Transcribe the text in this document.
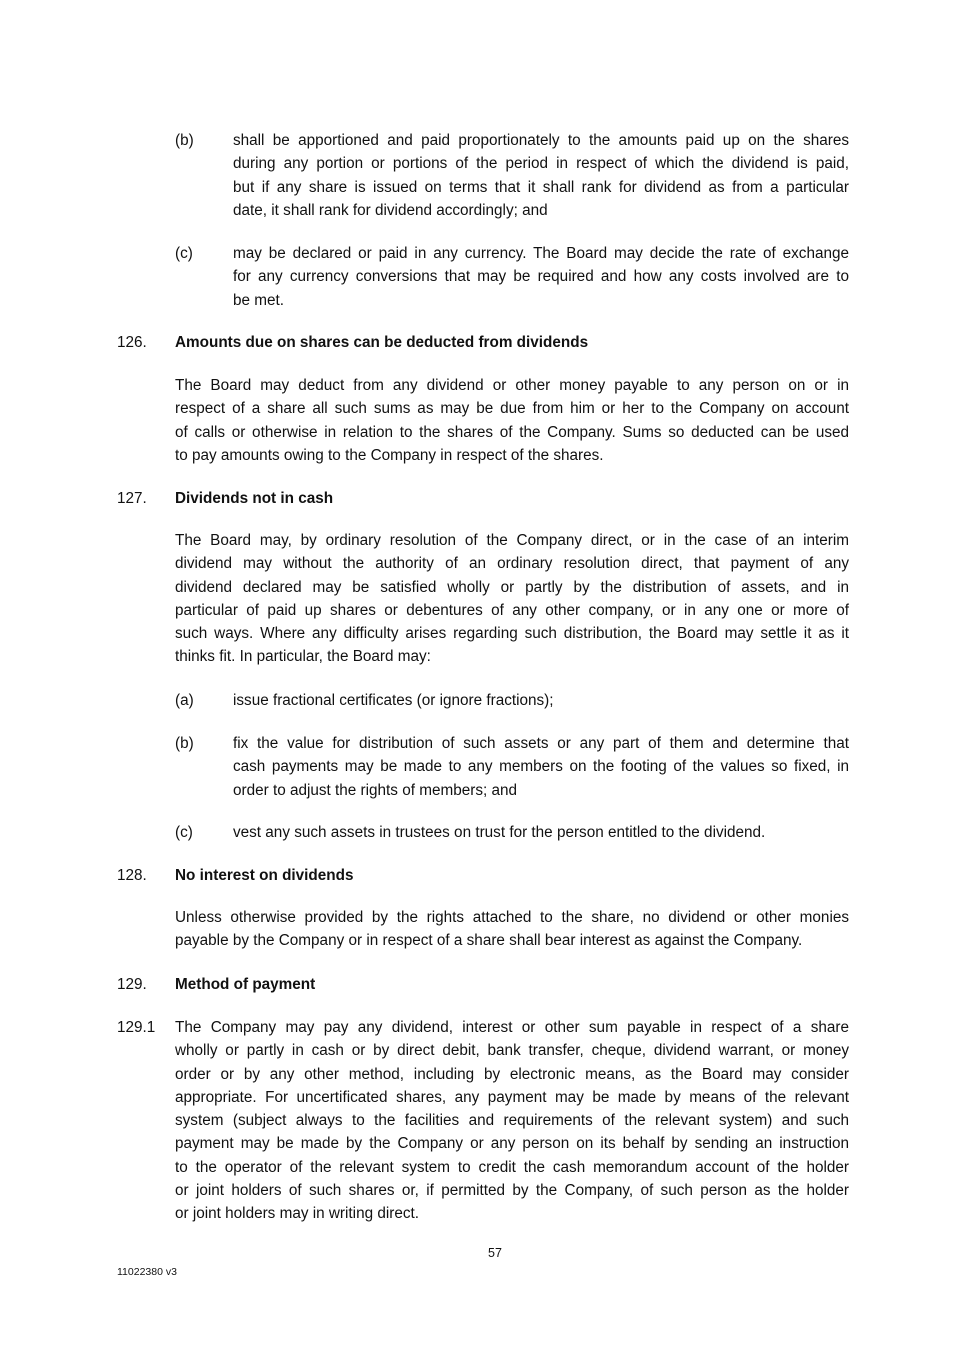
(b)	shall be apportioned and paid proportionately to the amounts paid up on the shares
during any portion or portions of the period in respect of which the dividend is paid,
but if any share is issued on terms that it shall rank for dividend as from a particular
date, it shall rank for dividend accordingly; and
(c)	may be declared or paid in any currency. The Board may decide the rate of exchange
for any currency conversions that may be required and how any costs involved are to
be met.
126. Amounts due on shares can be deducted from dividends
The Board may deduct from any dividend or other money payable to any person on or in
respect of a share all such sums as may be due from him or her to the Company on account
of calls or otherwise in relation to the shares of the Company. Sums so deducted can be used
to pay amounts owing to the Company in respect of the shares.
127. Dividends not in cash
The Board may, by ordinary resolution of the Company direct, or in the case of an interim
dividend may without the authority of an ordinary resolution direct, that payment of any
dividend declared may be satisfied wholly or partly by the distribution of assets, and in
particular of paid up shares or debentures of any other company, or in any one or more of
such ways. Where any difficulty arises regarding such distribution, the Board may settle it as it
thinks fit. In particular, the Board may:
(a)	issue fractional certificates (or ignore fractions);
(b)	fix the value for distribution of such assets or any part of them and determine that
cash payments may be made to any members on the footing of the values so fixed, in
order to adjust the rights of members; and
(c)	vest any such assets in trustees on trust for the person entitled to the dividend.
128. No interest on dividends
Unless otherwise provided by the rights attached to the share, no dividend or other monies
payable by the Company or in respect of a share shall bear interest as against the Company.
129. Method of payment
129.1 The Company may pay any dividend, interest or other sum payable in respect of a share
wholly or partly in cash or by direct debit, bank transfer, cheque, dividend warrant, or money
order or by any other method, including by electronic means, as the Board may consider
appropriate. For uncertificated shares, any payment may be made by means of the relevant
system (subject always to the facilities and requirements of the relevant system) and such
payment may be made by the Company or any person on its behalf by sending an instruction
to the operator of the relevant system to credit the cash memorandum account of the holder
or joint holders of such shares or, if permitted by the Company, of such person as the holder
or joint holders may in writing direct.
57
11022380 v3
